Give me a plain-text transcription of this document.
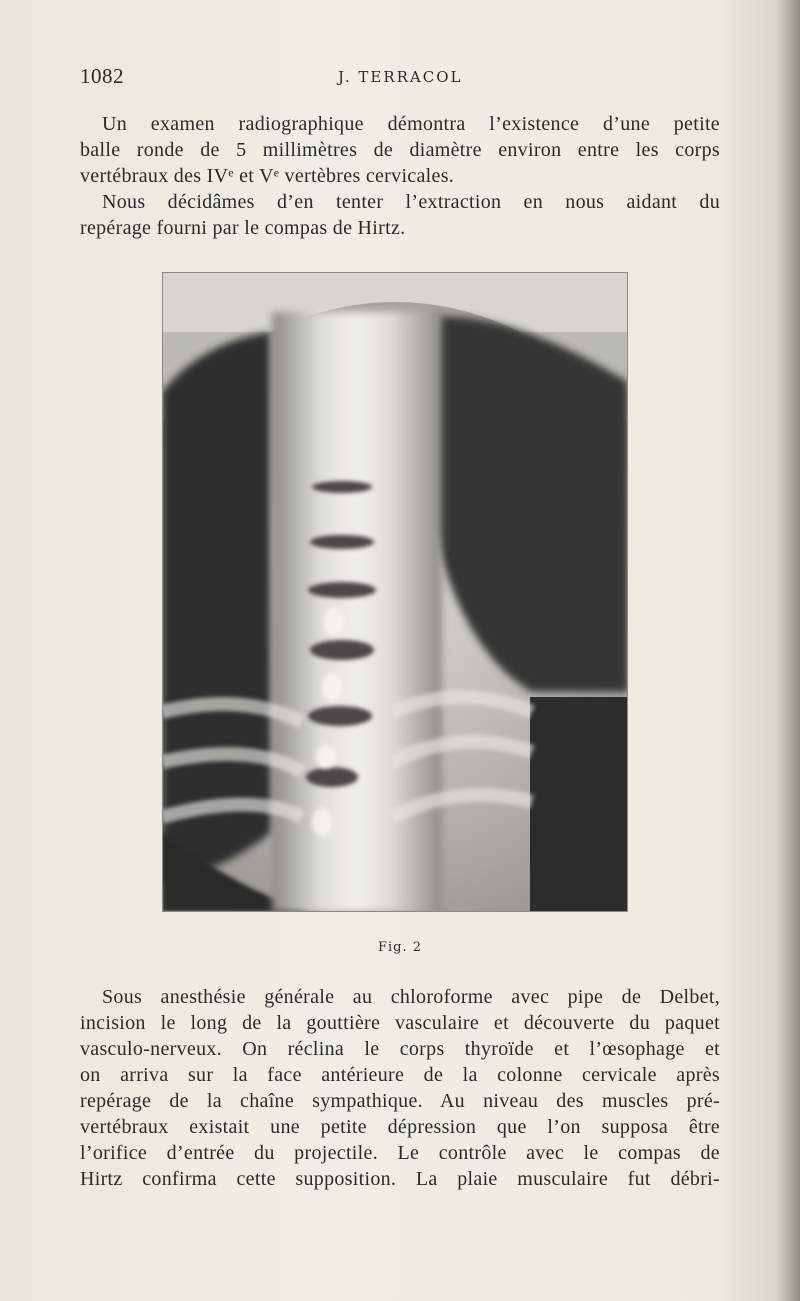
1082	J. TERRACOL
Un examen radiographique démontra l’existence d’une petite
balle ronde de 5 millimètres de diamètre environ entre les corps
vertébraux des IVᵉ et Vᵉ vertèbres cervicales.
Nous décidâmes d’en tenter l’extraction en nous aidant du
repérage fourni par le compas de Hirtz.
Fig. 2
Sous anesthésie générale au chloroforme avec pipe de Delbet,
incision le long de la gouttière vasculaire et découverte du paquet
vasculo-nerveux. On réclina le corps thyroïde et l’œsophage et
on arriva sur la face antérieure de la colonne cervicale après
repérage de la chaîne sympathique. Au niveau des muscles pré-
vertébraux existait une petite dépression que l’on supposa être
l’orifice d’entrée du projectile. Le contrôle avec le compas de
Hirtz confirma cette supposition. La plaie musculaire fut débri-
